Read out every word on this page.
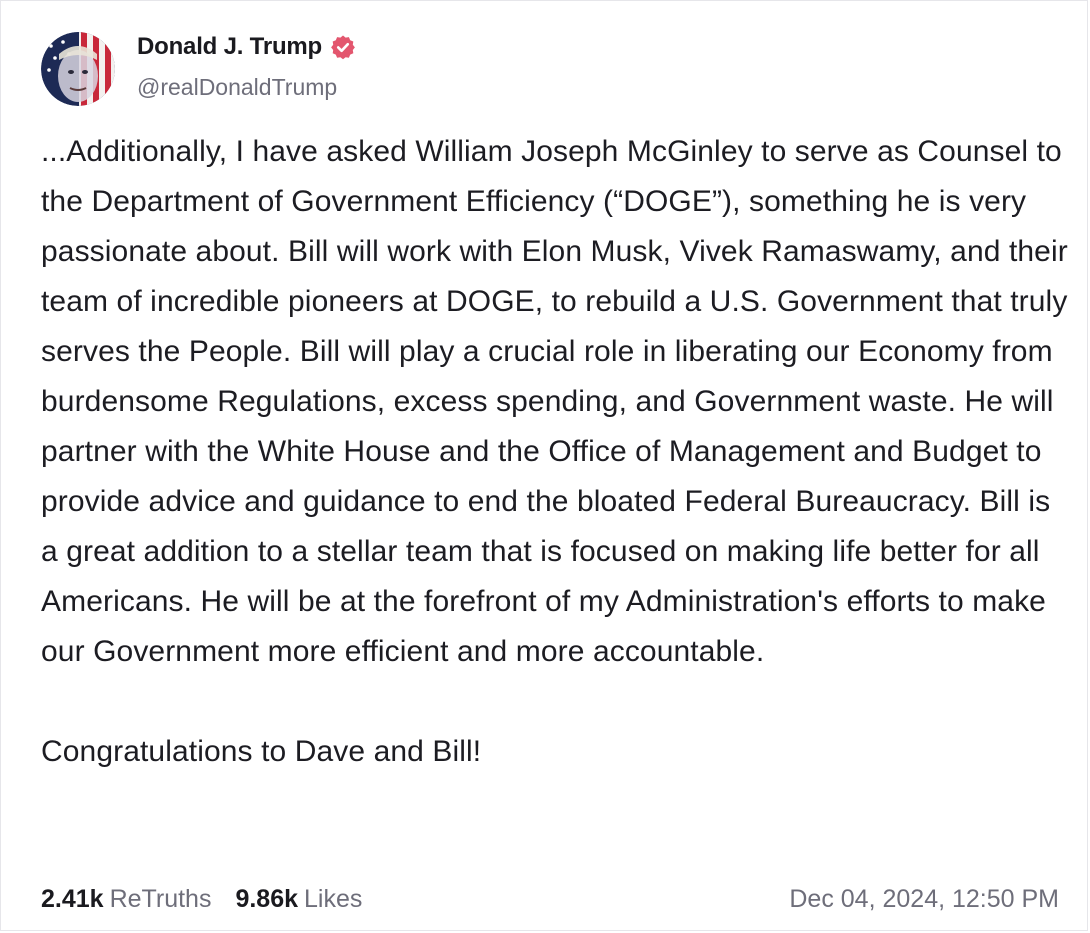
Donald J. Trump
@realDonaldTrump

...Additionally, I have asked William Joseph McGinley to serve as Counsel to the Department of Government Efficiency (“DOGE”), something he is very passionate about. Bill will work with Elon Musk, Vivek Ramaswamy, and their team of incredible pioneers at DOGE, to rebuild a U.S. Government that truly serves the People. Bill will play a crucial role in liberating our Economy from burdensome Regulations, excess spending, and Government waste. He will partner with the White House and the Office of Management and Budget to provide advice and guidance to end the bloated Federal Bureaucracy. Bill is a great addition to a stellar team that is focused on making life better for all Americans. He will be at the forefront of my Administration's efforts to make our Government more efficient and more accountable.

Congratulations to Dave and Bill!

2.41k ReTruths 9.86k Likes	Dec 04, 2024, 12:50 PM
